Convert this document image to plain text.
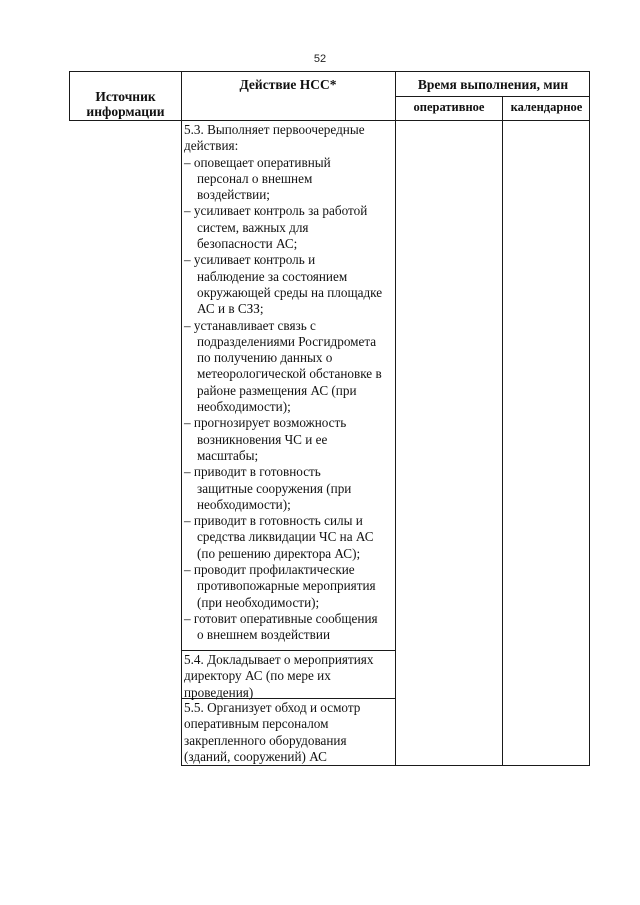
52
Источник информации
Действие НСС*	Время выполнения, мин
оперативное	календарное
5.3. Выполняет первоочередные
действия:
– оповещает оперативный
персонал о внешнем
воздействии;
– усиливает контроль за работой
систем, важных для
безопасности АС;
– усиливает контроль и
наблюдение за состоянием
окружающей среды на площадке
АС и в СЗЗ;
– устанавливает связь с
подразделениями Росгидромета
по получению данных о
метеорологической обстановке в
районе размещения АС (при
необходимости);
– прогнозирует возможность
возникновения ЧС и ее
масштабы;
– приводит в готовность
защитные сооружения (при
необходимости);
– приводит в готовность силы и
средства ликвидации ЧС на АС
(по решению директора АС);
– проводит профилактические
противопожарные мероприятия
(при необходимости);
– готовит оперативные сообщения
о внешнем воздействии
5.4. Докладывает о мероприятиях
директору АС (по мере их
проведения)
5.5. Организует обход и осмотр
оперативным персоналом
закрепленного оборудования
(зданий, сооружений) АС
